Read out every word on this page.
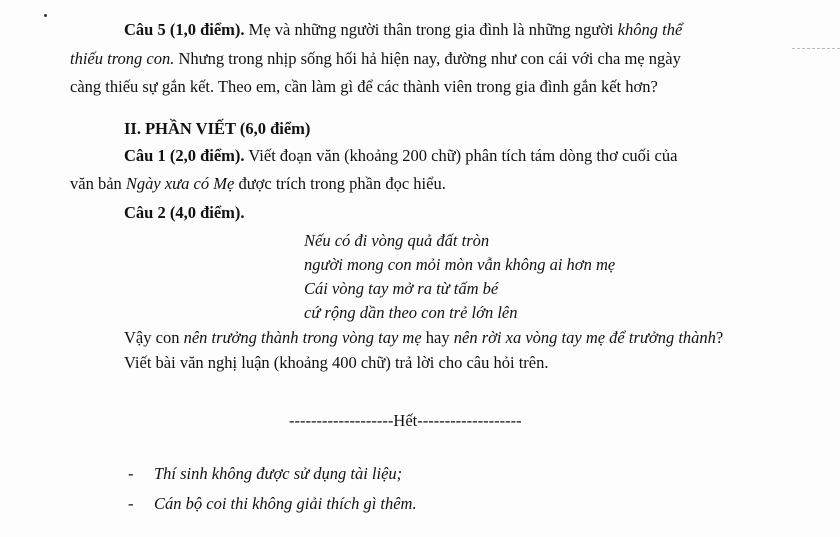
Câu 5 (1,0 điểm). Mẹ và những người thân trong gia đình là những người không thể
thiếu trong con. Nhưng trong nhịp sống hối hả hiện nay, đường như con cái với cha mẹ ngày
càng thiếu sự gắn kết. Theo em, cần làm gì để các thành viên trong gia đình gắn kết hơn?
II. PHẦN VIẾT (6,0 điểm)
Câu 1 (2,0 điểm). Viết đoạn văn (khoảng 200 chữ) phân tích tám dòng thơ cuối của
văn bản Ngày xưa có Mẹ được trích trong phần đọc hiểu.
Câu 2 (4,0 điểm).
Nếu có đi vòng quả đất tròn
người mong con mỏi mòn vẫn không ai hơn mẹ
Cái vòng tay mở ra từ tấm bé
cứ rộng dần theo con trẻ lớn lên
Vậy con nên trưởng thành trong vòng tay mẹ hay nên rời xa vòng tay mẹ để trưởng thành?
Viết bài văn nghị luận (khoảng 400 chữ) trả lời cho câu hỏi trên.
-------------------Hết-------------------
- Thí sinh không được sử dụng tài liệu;
- Cán bộ coi thi không giải thích gì thêm.
